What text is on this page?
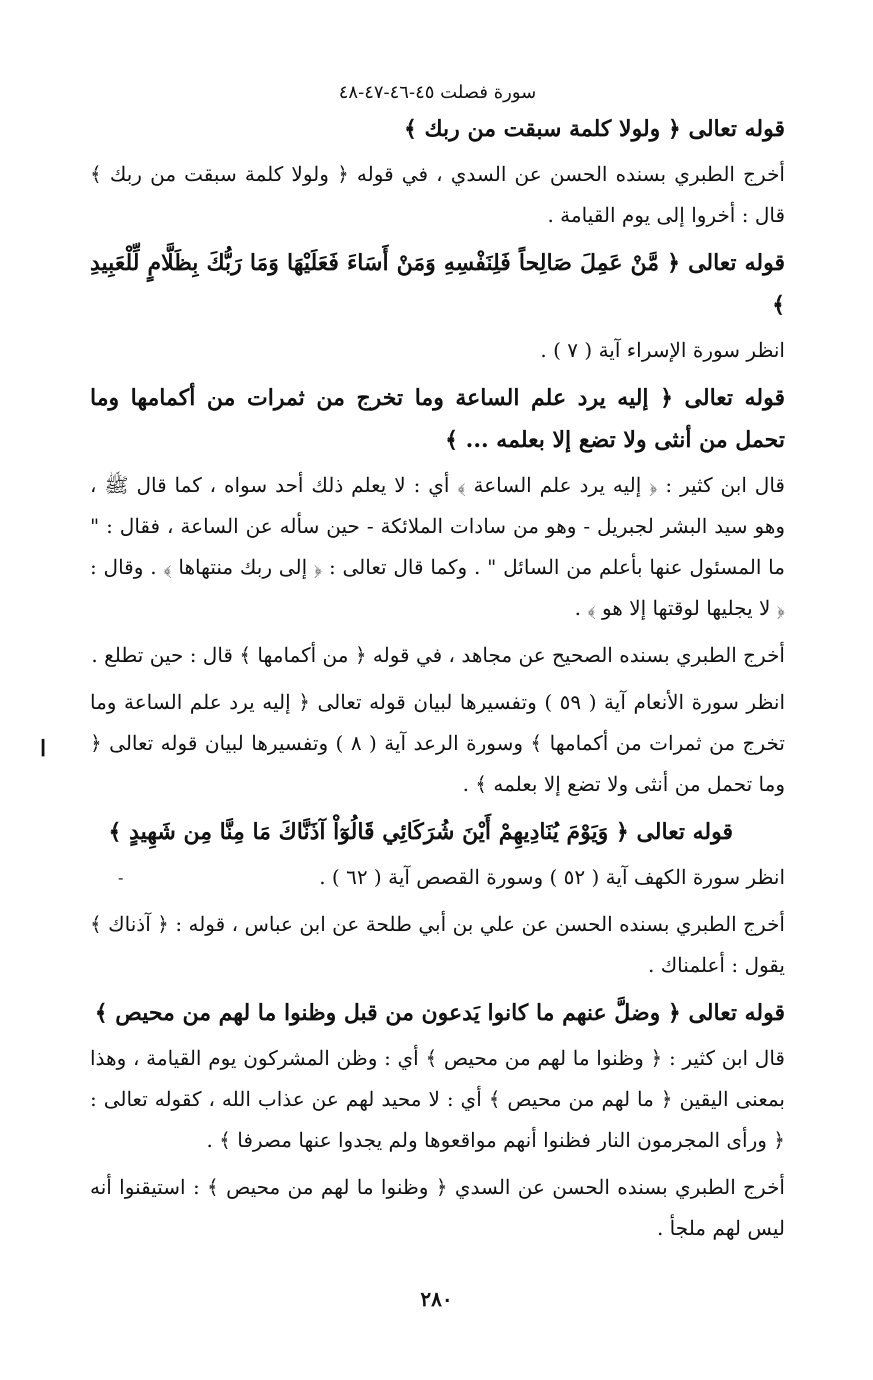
سورة فصلت ٤٥-٤٦-٤٧-٤٨

قوله تعالى ﴿ ولولا كلمة سبقت من ربك ﴾

أخرج الطبري بسنده الحسن عن السدي ، في قوله ﴿ ولولا كلمة سبقت من ربك ﴾ قال : أخروا إلى يوم القيامة .

قوله تعالى ﴿ مَّنْ عَمِلَ صَالِحاً فَلِنَفْسِهِ وَمَنْ أَسَاءَ فَعَلَيْهَا وَمَا رَبُّكَ بِظَلَّامٍ لِّلْعَبِيدِ ﴾

انظر سورة الإسراء آية ( ٧ ) .

قوله تعالى ﴿ إليه يرد علم الساعة وما تخرج من ثمرات من أكمامها وما تحمل من أنثى ولا تضع إلا بعلمه ... ﴾

قال ابن كثير : ﴿ إليه يرد علم الساعة ﴾ أي : لا يعلم ذلك أحد سواه ، كما قال ﷺ ، وهو سيد البشر لجبريل - وهو من سادات الملائكة - حين سأله عن الساعة ، فقال : " ما المسئول عنها بأعلم من السائل " . وكما قال تعالى : ﴿ إلى ربك منتهاها ﴾ . وقال : ﴿ لا يجليها لوقتها إلا هو ﴾ .

أخرج الطبري بسنده الصحيح عن مجاهد ، في قوله ﴿ من أكمامها ﴾ قال : حين تطلع .

انظر سورة الأنعام آية ( ٥٩ ) وتفسيرها لبيان قوله تعالى ﴿ إليه يرد علم الساعة وما تخرج من ثمرات من أكمامها ﴾ وسورة الرعد آية ( ٨ ) وتفسيرها لبيان قوله تعالى ﴿ وما تحمل من أنثى ولا تضع إلا بعلمه ﴾ .

قوله تعالى ﴿ وَيَوْمَ يُنَادِيهِمْ أَيْنَ شُرَكَائِي قَالُوٓاْ آذَنَّاكَ مَا مِنَّا مِن شَهِيدٍ ﴾

انظر سورة الكهف آية ( ٥٢ ) وسورة القصص آية ( ٦٢ ) .

أخرج الطبري بسنده الحسن عن علي بن أبي طلحة عن ابن عباس ، قوله : ﴿ آذناك ﴾ يقول : أعلمناك .

قوله تعالى ﴿ وضلَّ عنهم ما كانوا يَدعون من قبل وظنوا ما لهم من محيص ﴾

قال ابن كثير : ﴿ وظنوا ما لهم من محيص ﴾ أي : وظن المشركون يوم القيامة ، وهذا بمعنى اليقين ﴿ ما لهم من محيص ﴾ أي : لا محيد لهم عن عذاب الله ، كقوله تعالى : ﴿ ورأى المجرمون النار فظنوا أنهم مواقعوها ولم يجدوا عنها مصرفا ﴾ .

أخرج الطبري بسنده الحسن عن السدي ﴿ وظنوا ما لهم من محيص ﴾ : استيقنوا أنه ليس لهم ملجأ .

ا
-
٢٨٠
